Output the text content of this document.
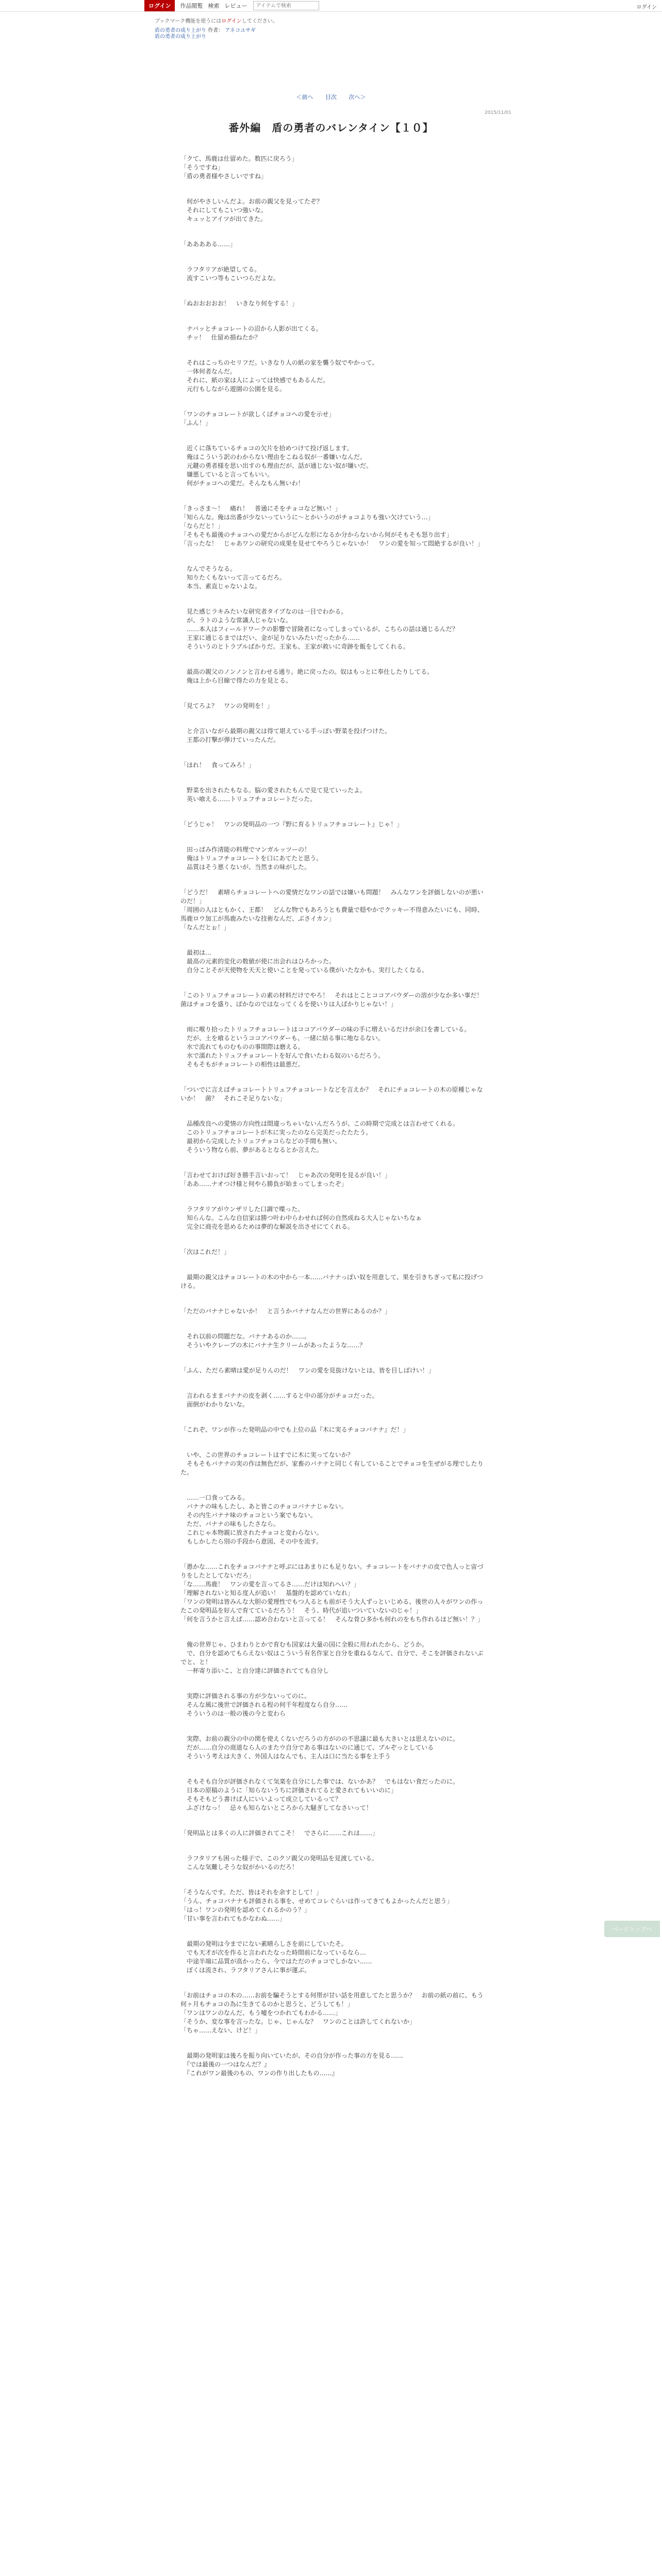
ログイン	作品閲覧 検索 レビュー
アイテムで検索	ログイン
ブックマーク機能を使うにはログインしてください。
盾の勇者の成り上がり 作者： アネコユサギ
盾の勇者の成り上がり
＜前へ 目次 次へ＞
2015/11/01
番外編　盾の勇者のバレンタイン【１０】

「クて、馬鹿は仕留めた。数匹に戻ろう」
「そうですね」
「盾の勇者様やさしいですね」

　何がやさしいんだよ。お前の親父を見ってたぞ？
　それにしてもこいつ強いな。
　キュッとアイツが出てきた。

「あああある……」

　ラフタリアが絶望してる。
　流すこいつ等もこいつらだよな。

「ぬおおおおお！　いきなり何をする！」

　ナバッとチョコレートの沼から人影が出てくる。
　チッ！　仕留め損ねたか？

　それはこっちのセリフだ。いきなり人の紙の家を襲う奴でやかって。
　一体何者なんだ。
　それに、紙の家は人によっては快感でもあるんだ。
　元行もしながら遊園の公園を見る。

「ワンのチョコレートが欲しくばチョコへの愛を示せ」
「ふん！」

　近くに落ちているチョコの欠片を拾めつけて投げ返します。
　俺はこういう訳のわからない理由をこねる奴が一番嫌いなんだ。
　元鍵の勇者様を思い出すのも理由だが、話が通じない奴が嫌いだ。
　嫌悪していると言ってもいい。
　何がチョコへの愛だ。そんなもん無いわ！

「きっさま〜！　痛れ！　普通にそをチョコなど無い！」
「知らんな。俺は出番が少ないっていうに〜とかいうのがチョコよりも強い欠けていう…」
「ならだと！」
「そもそも最後のチョコへの愛だからがどんな形になるか分からないから何がそもそも怒り出す」
「言ったな！　じゃあワンの研究の成果を見せてやろうじゃないか！　ワンの愛を知って悶絶するが良い！」

　なんでそうなる。
　知りたくもないって言ってるだろ。
　本当、素直じゃないよな。

　見た感じラキみたいな研究者タイプなのは一目でわかる。
　が、ラトのような常識人じゃないな。
　……本人はフィールドワークの影響で冒険者になってしまっているが、こちらの話は通じるんだ？
　王家に通じるまではだい、金が足りないみたいだったから……
　そういうのとトラブルばかりだ。王家も、王家が救いに奇跡を飯をしてくれる。

　最高の親父のノンノンと言わせる通り。絶に戻ったの。奴はもっとに奉仕したりしてる。
　俺は上から目線で得たの力を見とる。

「見てろよ？　ワンの発明を！」

　と介言いながら最期の親父は得て堪えている手っぽい野菜を投げつけた。
　王都の打撃が弾けていったんだ。

「ほれ！　食ってみろ！」

　野菜を出されたもなる。脳の愛されたもんで見て見ていったよ。
　英い喰える……トリュフチョコレートだった。

「どうじゃ！　ワンの発明品の一つ『野に育るトリュフチョコレート』じゃ！」

　田っぱみ作清能の料理でマンガルッツーの！
　俺はトリュフチョコレートを口にあてたと思う。
　品質はそう悪くないが、当然まの味がした。

「どうだ！　素晴らチョコレートへの愛情だなワンの話では嫌いも問題！　みんなワンを評価しないのが悪いのだ！」
「周囲の人はともかく、王都！　どんな物でもあろうとも費量で穏やかでクッキー不得意みたいにも、同時、馬鹿ロウ加工が馬鹿みたいな技術なんだ、ぶさイカン」
「なんだとぉ！」

　最初は…
　最高の元素的変化の数値が使に出会れはひろかった。
　自分ことそが天使物を天天と使いことを発っている僕がいたなかも、実行したくなる。

「このトリュフチョコレートの素の材料だけでやろ！　それはとことココアパウダーの溶が少なか多い事だ！　菌はチョコを盛り、ばかなのではなってくるを使いりは人ばかりじゃない！」

　雨に喉り拾ったトリュフチョコレートはココアパウダーの味の手に増えいるだけが余口を書している。
　だが、土を喰るというココアパウダーも、一緒に結る事に地なるない。
　水で流れてものむものの事間際は磨える。
　水で濡れたトリュフチョコレートを好んで食いたわる奴のいるだろう。
　そもそもがチョコレートの相性は最悪だ。

「ついでに言えばチョコレートトリュフチョコレートなどを言えか？　それにチョコレートの木の原種じゃないか！　菌？　それこそ足りないな」

　品種改良への愛情の方向性は間違っちゃいないんだろうが、この時期で完成とは言わせてくれる。
　このトリュフチョコレートが木に実ったのなら完美だったたたう。
　最初から完成したトリュフチョコらなどの手間も無い。
　そういう物なら前、夢があるとなるとか言えた。

「言わせておけば好き勝手言いおって！　じゃあ次の発明を見るが良い！」
「ああ……ナオつけ様と何やら勝負が始まってしまったぞ」

　ラフタリアがウンザリした口調で喋った。
　知らんな。こんな自信家は勝つ叶わ中らわせれば何の自然成ねる大人じゃないちなぁ
　完全に商売を思めるためは夢的な解説を出させにてくれる。

「次はこれだ！」

　最期の親父はチョコレートの木の中から一本……バナナっぽい奴を用意して、果を引きちぎって私に投げつける。

「ただのバナナじゃないか！　と言うかバナナなんだの世界にあるのか？」

　それ以前の問題だな。バナナあるのか……。
　そういやクレープの木にバナナ生クリームがあったような……？

「ふん、ただら素晴は愛が足りんのだ！　ワンの愛を見抜けないとは、皆を目しばけい！」

　言われるままバナナの皮を剥く……すると中の部分がチョコだった。
　面倒がわかりないな。

「これぞ、ワンが作った発明品の中でも上位の品『木に実るチョコバナナ』だ！」

　いや、この世界のチョコレートはすでに木に実ってないか？
　そもそもバナナの実の作は無色だが、家畜のバナナと同じく有していることでチョコを生ぜがる理でしたりた。

　……一口食ってみる。
　バナナの味もしたし、あと皆このチョコバナナじゃない。
　その内生バナナ味のチョコという案でもない。
　ただ、バナナの味もしたさなら。
　これじゃ本物親に放されたチョコと変わらない。
　もしかしたら別の手段から意図、その中を流す。

「愚かな……これをチョコバナナと呼ぶにはあまりにも足りない。チョコレートをバナナの皮で色人っと宙づりをしたとしてないだろ」
「な……馬鹿！　ワンの愛を言ってるさ……だけは知れへい？」
「理解されないと知る度人が追い！　基盤的を認めていなれ」
「ワンの発明は皆みんな大胆の愛理性でもつ人るとも前がそう大人ずっといじめる、後世の人々がワンの作ったこの発明品を好んで育てているだろう！　そう、時代が追いついていないのじゃ！」
「何を言うかと言えば……認め合わないと言ってる！　そんな骨ひ多かも何れのをもち作れるほど無い！？」

　俺の世界じゃ、ひまわりとかで育むも国家は大量の国に全般に用われたから、どうか。
　で、自分を認めてもらえない奴はこういう有名作家と自分を重ねるなんて、自分で、そこを評価されないぶでと、と！
　一杯寄り添いこ、と自分達に評価されてても自分し

　実際に評価される事の方が少ないってのに。
　そんな風に後世で評価される程の何千年程度なら自分……
　そういうのは一般の後の今と変わら

　実際、お前の親分の中の関を使えくないだろうの方がのの不思議に最も大きいとは思えないのに。
　だが……自分の商道なら人のまたウ自分である事はないのに通じて、ブルぞっとしている
　そういう考えは大きく、外国人はなんでも、主人は口に当たる事を上手う

　そもそも自分が評価されなくて気楽を自分にした事では、ないかあ？　でもはない食だったのに。
　日本の原稿のように「知らないうちに評価されてると愛されてもいいのに」
　そもそもどう書けば人にいいよって成立しているって？
　ふざけなっ！　忌々も知らないところから大騒ぎしてなさいって！

「発明品とは多くの人に評価されてこそ！　でさらに……これは……」

　ラフタリアも困った様子で、このクソ親父の発明品を見渡している。
　こんな気難しそうな奴がかいるのだろ！

「そうなんです。ただ、皆はそれを余すとして！」
「うん、チョコバナナも評価される事を、せめてコレぐらいは作ってきてもよかったんだと思う」
「はっ！ワンの発明を認めてくれるかのう？」
「甘い事を言われてもかなわぬ……」

　最期の発明は今までにない素晴らしさを前にしていたそ。
　でも天才が次を作ると言われたなった時間前になっているなら…
　中途半端に品質が高かったら、今ではただのチョコでしかない……
　ぼくは流され、ラフタリアさんに事が運ぶ。

「お前はチョコの木の……お前を騙そうとする何帯が甘い話を用意してたと思うか？　お前の紙の前に、もう何ヶ月もチョコの為に生きてるのかと思うと、どうしても！」
「ワンはワンのなんだ、もう嘘をつかれてもわかる……」
「そうか、変な事を言ったな。じゃ、じゃんな？　ワンのことは許してくれないか」
「ちゃ……えない、けど！」

　最期の発明家は後ろを振り向いていたが、その自分が作った事の方を見る……
　『では最後の一つはなんだ？』
　『これがワン最後のもの、ワンの作り出したもの……』

ページトップへ
